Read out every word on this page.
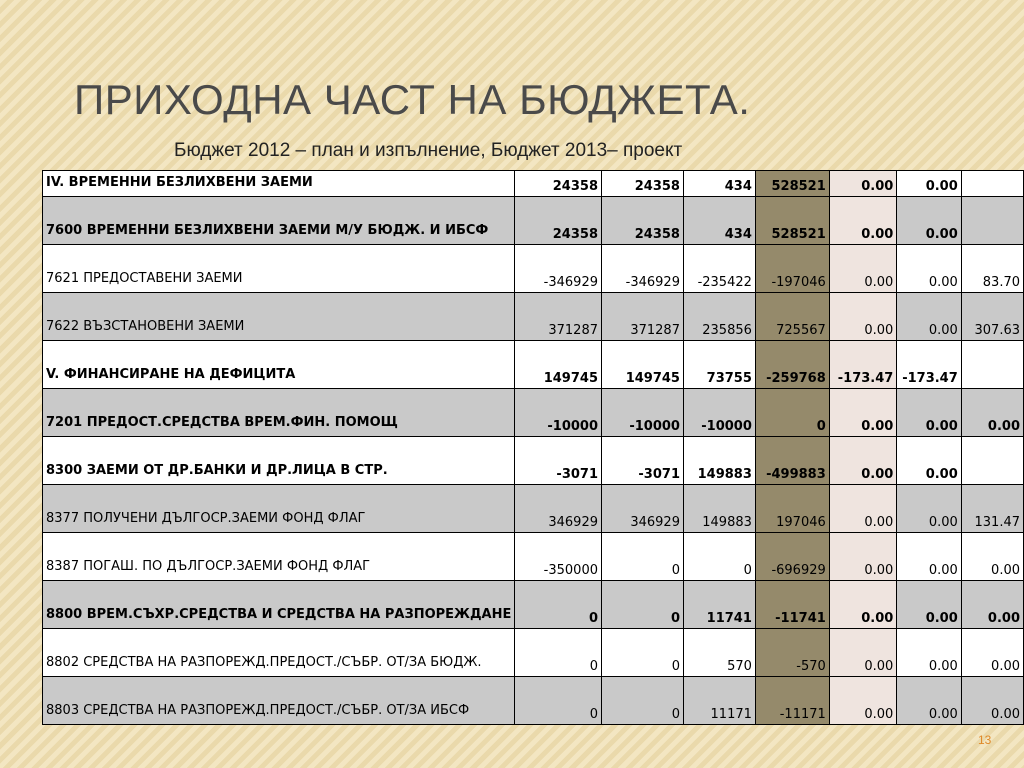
ПРИХОДНА ЧАСТ НА БЮДЖЕТА.
Бюджет 2012 – план и изпълнение, Бюджет 2013– проект
IV. ВРЕМЕННИ БЕЗЛИХВЕНИ ЗАЕМИ	24358	24358	434	528521	0.00	0.00	
7600 ВРЕМЕННИ БЕЗЛИХВЕНИ ЗАЕМИ М/У БЮДЖ. И ИБСФ	24358	24358	434	528521	0.00	0.00	
7621 ПРЕДОСТАВЕНИ ЗАЕМИ	-346929	-346929	-235422	-197046	0.00	0.00	83.70
7622 ВЪЗСТАНОВЕНИ ЗАЕМИ	371287	371287	235856	725567	0.00	0.00	307.63
V. ФИНАНСИРАНЕ НА ДЕФИЦИТА	149745	149745	73755	-259768	-173.47	-173.47	
7201 ПРЕДОСТ.СРЕДСТВА ВРЕМ.ФИН. ПОМОЩ	-10000	-10000	-10000	0	0.00	0.00	0.00
8300 ЗАЕМИ ОТ ДР.БАНКИ И ДР.ЛИЦА В СТР.	-3071	-3071	149883	-499883	0.00	0.00	
8377 ПОЛУЧЕНИ ДЪЛГОСР.ЗАЕМИ ФОНД ФЛАГ	346929	346929	149883	197046	0.00	0.00	131.47
8387 ПОГАШ. ПО ДЪЛГОСР.ЗАЕМИ ФОНД ФЛАГ	-350000	0	0	-696929	0.00	0.00	0.00
8800 ВРЕМ.СЪХР.СРЕДСТВА И СРЕДСТВА НА РАЗПОРЕЖДАНЕ	0	0	11741	-11741	0.00	0.00	0.00
8802 СРЕДСТВА НА РАЗПОРЕЖД.ПРЕДОСТ./СЪБР. ОТ/ЗА БЮДЖ.	0	0	570	-570	0.00	0.00	0.00
8803 СРЕДСТВА НА РАЗПОРЕЖД.ПРЕДОСТ./СЪБР. ОТ/ЗА ИБСФ	0	0	11171	-11171	0.00	0.00	0.00
13
